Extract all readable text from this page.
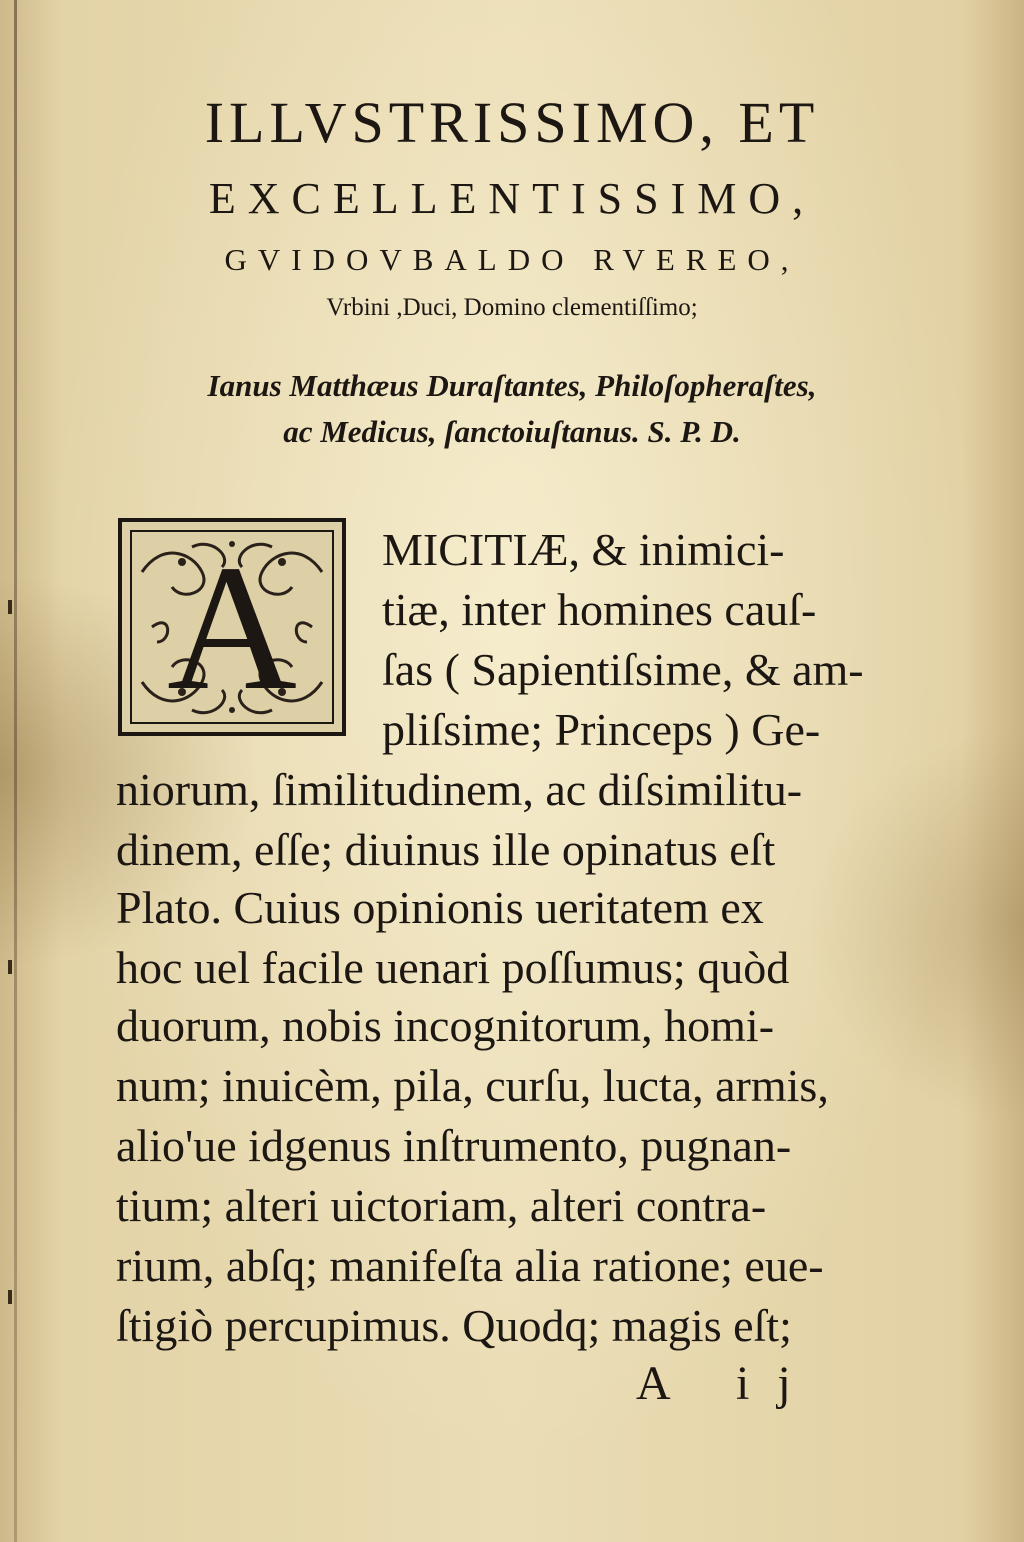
ILLVSTRISSIMO, ET
EXCELLENTISSIMO,
GVIDOVBALDO RVEREO,
Vrbini ,Duci, Domino clementiſſimo;
Ianus Matthæus Duraſtantes, Philoſopheraſtes,
ac Medicus, ſanctoiuſtanus. S. P. D.
A	MICITIÆ, & inimici-
tiæ, inter homines cauſ-
ſas ( Sapientiſsime, & am-
pliſsime; Princeps ) Ge-
niorum, ſimilitudinem, ac diſsimilitu-
dinem, eſſe; diuinus ille opinatus eſt
Plato. Cuius opinionis ueritatem ex
hoc uel facile uenari poſſumus; quòd
duorum, nobis incognitorum, homi-
num; inuicèm, pila, curſu, lucta, armis,
alio'ue idgenus inſtrumento, pugnan-
tium; alteri uictoriam, alteri contra-
rium, abſq; manifeſta alia ratione; eue-
ſtigiò percupimus. Quodq; magis eſt;
A ij
